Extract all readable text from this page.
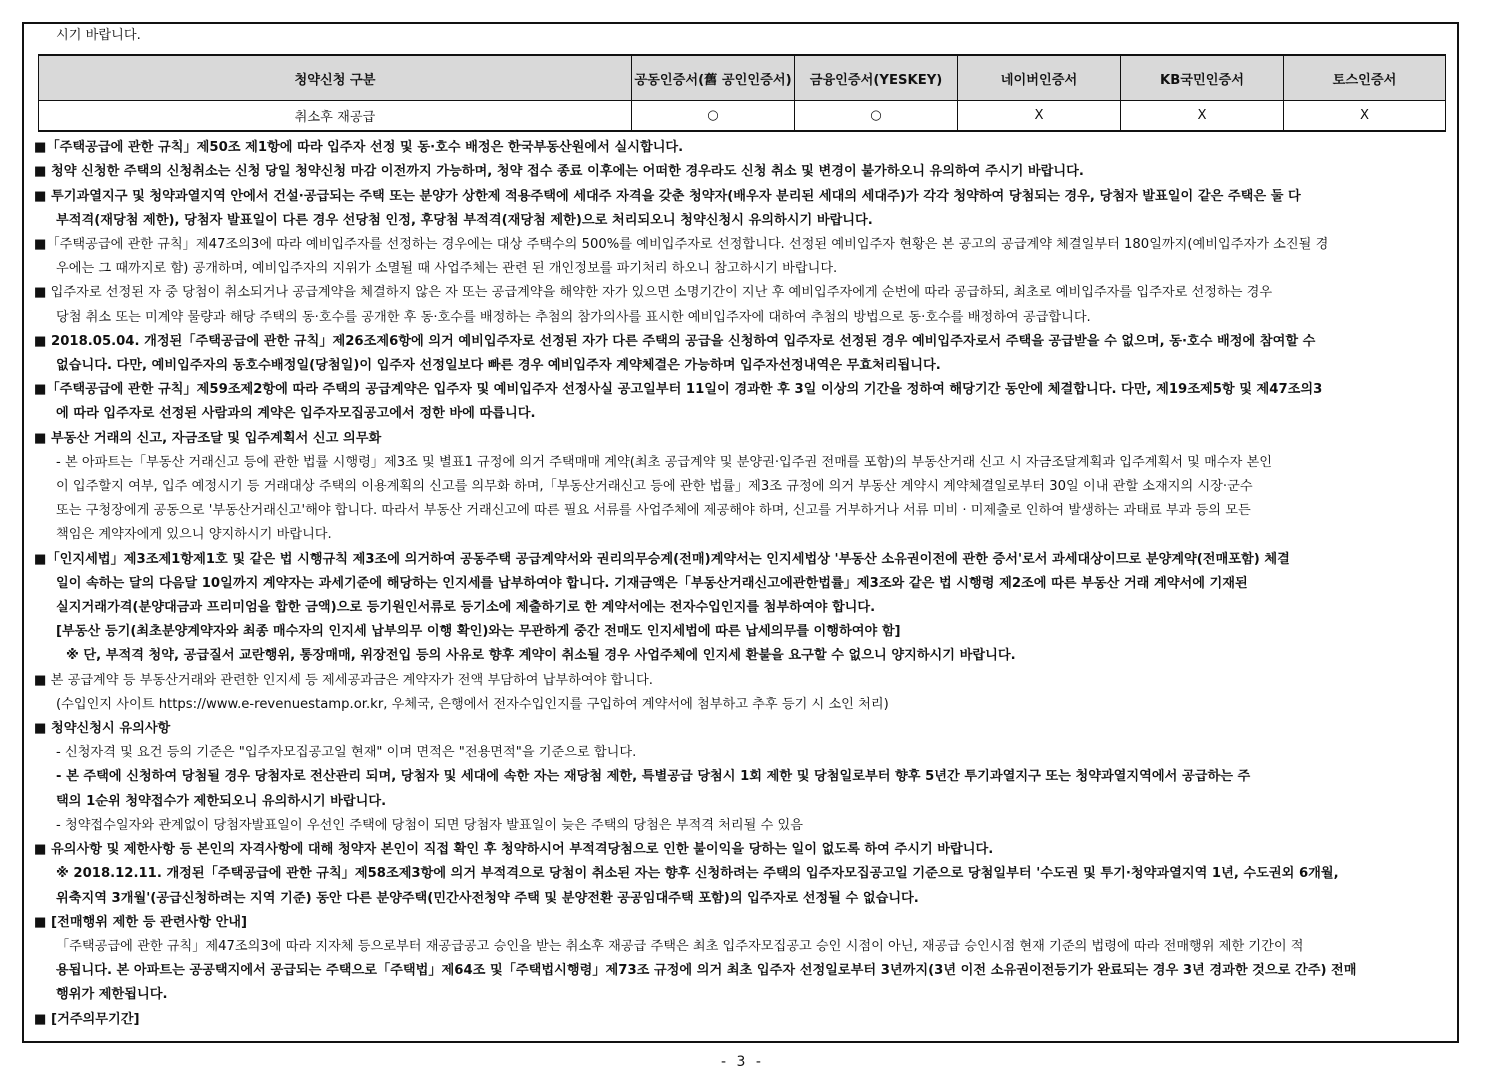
시기 바랍니다.
청약신청 구분	공동인증서(舊 공인인증서)	금융인증서(YESKEY)	네이버인증서	KB국민인증서	토스인증서
취소후 재공급	○	○	X	X	X
■「주택공급에 관한 규칙」제50조 제1항에 따라 입주자 선정 및 동·호수 배정은 한국부동산원에서 실시합니다.
■ 청약 신청한 주택의 신청취소는 신청 당일 청약신청 마감 이전까지 가능하며, 청약 접수 종료 이후에는 어떠한 경우라도 신청 취소 및 변경이 불가하오니 유의하여 주시기 바랍니다.
■ 투기과열지구 및 청약과열지역 안에서 건설·공급되는 주택 또는 분양가 상한제 적용주택에 세대주 자격을 갖춘 청약자(배우자 분리된 세대의 세대주)가 각각 청약하여 당첨되는 경우, 당첨자 발표일이 같은 주택은 둘 다
부적격(재당첨 제한), 당첨자 발표일이 다른 경우 선당첨 인정, 후당첨 부적격(재당첨 제한)으로 처리되오니 청약신청시 유의하시기 바랍니다.
■「주택공급에 관한 규칙」제47조의3에 따라 예비입주자를 선정하는 경우에는 대상 주택수의 500%를 예비입주자로 선정합니다. 선정된 예비입주자 현황은 본 공고의 공급계약 체결일부터 180일까지(예비입주자가 소진될 경
우에는 그 때까지로 함) 공개하며, 예비입주자의 지위가 소멸될 때 사업주체는 관련 된 개인정보를 파기처리 하오니 참고하시기 바랍니다.
■ 입주자로 선정된 자 중 당첨이 취소되거나 공급계약을 체결하지 않은 자 또는 공급계약을 해약한 자가 있으면 소명기간이 지난 후 예비입주자에게 순번에 따라 공급하되, 최초로 예비입주자를 입주자로 선정하는 경우
당첨 취소 또는 미계약 물량과 해당 주택의 동·호수를 공개한 후 동·호수를 배정하는 추첨의 참가의사를 표시한 예비입주자에 대하여 추첨의 방법으로 동·호수를 배정하여 공급합니다.
■ 2018.05.04. 개정된「주택공급에 관한 규칙」제26조제6항에 의거 예비입주자로 선정된 자가 다른 주택의 공급을 신청하여 입주자로 선정된 경우 예비입주자로서 주택을 공급받을 수 없으며, 동·호수 배정에 참여할 수
없습니다. 다만, 예비입주자의 동호수배정일(당첨일)이 입주자 선정일보다 빠른 경우 예비입주자 계약체결은 가능하며 입주자선정내역은 무효처리됩니다.
■「주택공급에 관한 규칙」제59조제2항에 따라 주택의 공급계약은 입주자 및 예비입주자 선정사실 공고일부터 11일이 경과한 후 3일 이상의 기간을 정하여 해당기간 동안에 체결합니다. 다만, 제19조제5항 및 제47조의3
에 따라 입주자로 선정된 사람과의 계약은 입주자모집공고에서 정한 바에 따릅니다.
■ 부동산 거래의 신고, 자금조달 및 입주계획서 신고 의무화
- 본 아파트는「부동산 거래신고 등에 관한 법률 시행령」제3조 및 별표1 규정에 의거 주택매매 계약(최초 공급계약 및 분양권·입주권 전매를 포함)의 부동산거래 신고 시 자금조달계획과 입주계획서 및 매수자 본인
이 입주할지 여부, 입주 예정시기 등 거래대상 주택의 이용계획의 신고를 의무화 하며,「부동산거래신고 등에 관한 법률」제3조 규정에 의거 부동산 계약시 계약체결일로부터 30일 이내 관할 소재지의 시장·군수
또는 구청장에게 공동으로 '부동산거래신고'해야 합니다. 따라서 부동산 거래신고에 따른 필요 서류를 사업주체에 제공해야 하며, 신고를 거부하거나 서류 미비 · 미제출로 인하여 발생하는 과태료 부과 등의 모든
책임은 계약자에게 있으니 양지하시기 바랍니다.
■「인지세법」제3조제1항제1호 및 같은 법 시행규칙 제3조에 의거하여 공동주택 공급계약서와 권리의무승계(전매)계약서는 인지세법상 '부동산 소유권이전에 관한 증서'로서 과세대상이므로 분양계약(전매포함) 체결
일이 속하는 달의 다음달 10일까지 계약자는 과세기준에 해당하는 인지세를 납부하여야 합니다. 기재금액은「부동산거래신고에관한법률」제3조와 같은 법 시행령 제2조에 따른 부동산 거래 계약서에 기재된
실지거래가격(분양대금과 프리미엄을 합한 금액)으로 등기원인서류로 등기소에 제출하기로 한 계약서에는 전자수입인지를 첨부하여야 합니다.
[부동산 등기(최초분양계약자와 최종 매수자의 인지세 납부의무 이행 확인)와는 무관하게 중간 전매도 인지세법에 따른 납세의무를 이행하여야 함]
※ 단, 부적격 청약, 공급질서 교란행위, 통장매매, 위장전입 등의 사유로 향후 계약이 취소될 경우 사업주체에 인지세 환불을 요구할 수 없으니 양지하시기 바랍니다.
■ 본 공급계약 등 부동산거래와 관련한 인지세 등 제세공과금은 계약자가 전액 부담하여 납부하여야 합니다.
(수입인지 사이트 https://www.e-revenuestamp.or.kr, 우체국, 은행에서 전자수입인지를 구입하여 계약서에 첨부하고 추후 등기 시 소인 처리)
■ 청약신청시 유의사항
- 신청자격 및 요건 등의 기준은 "입주자모집공고일 현재" 이며 면적은 "전용면적"을 기준으로 합니다.
- 본 주택에 신청하여 당첨될 경우 당첨자로 전산관리 되며, 당첨자 및 세대에 속한 자는 재당첨 제한, 특별공급 당첨시 1회 제한 및 당첨일로부터 향후 5년간 투기과열지구 또는 청약과열지역에서 공급하는 주
택의 1순위 청약접수가 제한되오니 유의하시기 바랍니다.
- 청약접수일자와 관계없이 당첨자발표일이 우선인 주택에 당첨이 되면 당첨자 발표일이 늦은 주택의 당첨은 부적격 처리될 수 있음
■ 유의사항 및 제한사항 등 본인의 자격사항에 대해 청약자 본인이 직접 확인 후 청약하시어 부적격당첨으로 인한 불이익을 당하는 일이 없도록 하여 주시기 바랍니다.
※ 2018.12.11. 개정된「주택공급에 관한 규칙」제58조제3항에 의거 부적격으로 당첨이 취소된 자는 향후 신청하려는 주택의 입주자모집공고일 기준으로 당첨일부터 '수도권 및 투기·청약과열지역 1년, 수도권외 6개월,
위축지역 3개월'(공급신청하려는 지역 기준) 동안 다른 분양주택(민간사전청약 주택 및 분양전환 공공임대주택 포함)의 입주자로 선정될 수 없습니다.
■ [전매행위 제한 등 관련사항 안내]
「주택공급에 관한 규칙」제47조의3에 따라 지자체 등으로부터 재공급공고 승인을 받는 취소후 재공급 주택은 최초 입주자모집공고 승인 시점이 아닌, 재공급 승인시점 현재 기준의 법령에 따라 전매행위 제한 기간이 적
용됩니다. 본 아파트는 공공택지에서 공급되는 주택으로「주택법」제64조 및「주택법시행령」제73조 규정에 의거 최초 입주자 선정일로부터 3년까지(3년 이전 소유권이전등기가 완료되는 경우 3년 경과한 것으로 간주) 전매
행위가 제한됩니다.
■ [거주의무기간]
- 3 -
